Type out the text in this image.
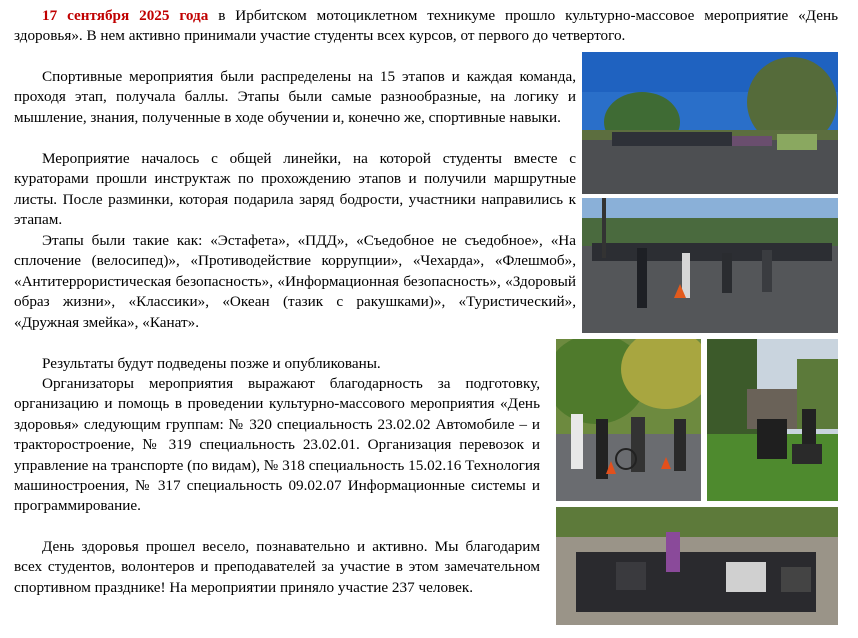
17 сентября 2025 года в Ирбитском мотоциклетном техникуме прошло культурно-массовое мероприятие «День здоровья». В нем активно принимали участие студенты всех курсов, от первого до четвертого.

Спортивные мероприятия были распределены на 15 этапов и каждая команда, проходя этап, получала баллы. Этапы были самые разнообразные, на логику и мышление, знания, полученные в ходе обучении и, конечно же, спортивные навыки.

Мероприятие началось с общей линейки, на которой студенты вместе с кураторами прошли инструктаж по прохождению этапов и получили маршрутные листы. После разминки, которая подарила заряд бодрости, участники направились к этапам.

Этапы были такие как: «Эстафета», «ПДД», «Съедобное не съедобное», «На сплочение (велосипед)», «Противодействие коррупции», «Чехарда», «Флешмоб», «Антитеррористическая безопасность», «Информационная безопасность», «Здоровый образ жизни», «Классики», «Океан (тазик с ракушками)», «Туристический», «Дружная змейка», «Канат».

Результаты будут подведены позже и опубликованы.

Организаторы мероприятия выражают благодарность за подготовку, организацию и помощь в проведении культурно-массового мероприятия «День здоровья» следующим группам: № 320 специальность 23.02.02 Автомобиле – и тракторостроение, № 319 специальность 23.02.01. Организация перевозок и управление на транспорте (по видам), № 318 специальность 15.02.16 Технология машиностроения, № 317 специальность 09.02.07 Информационные системы и программирование.

День здоровья прошел весело, познавательно и активно. Мы благодарим всех студентов, волонтеров и преподавателей за участие в этом замечательном спортивном празднике! На мероприятии приняло участие 237 человек.
